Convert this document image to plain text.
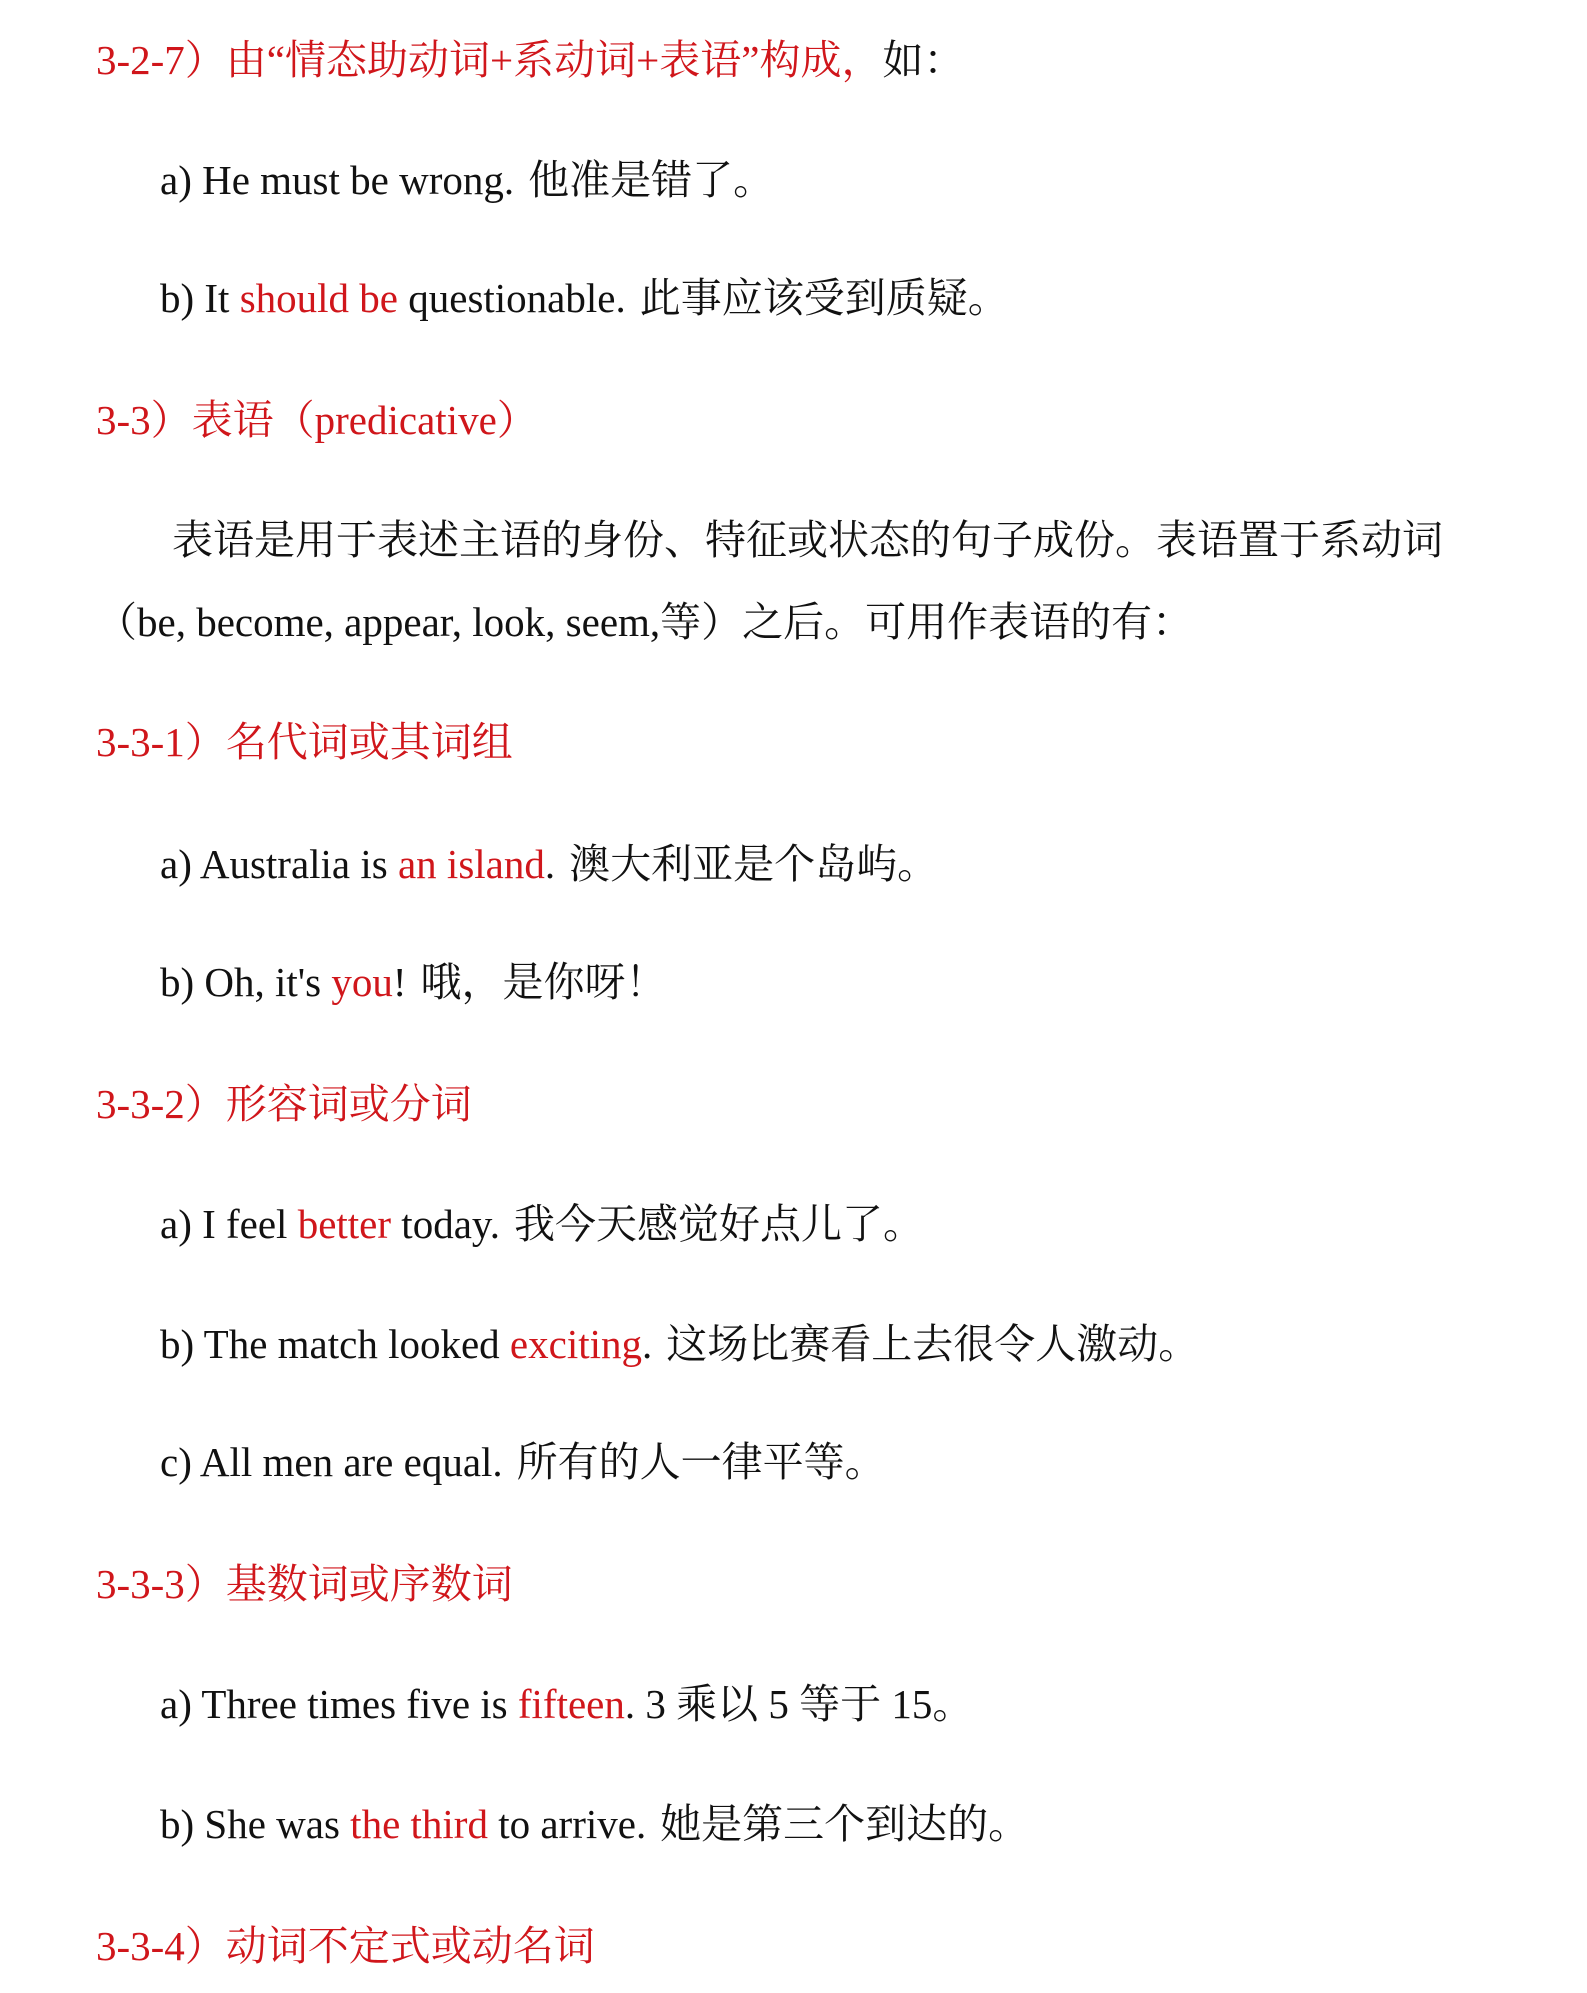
3-2-7）由“情态助动词+系动词+表语”构成，如：
a) He must be wrong. 他准是错了。
b) It should be questionable. 此事应该受到质疑。
3-3）表语（predicative）
表语是用于表述主语的身份、特征或状态的句子成份。表语置于系动词
（be, become, appear, look, seem,等）之后。可用作表语的有：
3-3-1）名代词或其词组
a) Australia is an island. 澳大利亚是个岛屿。
b) Oh, it's you! 哦，是你呀！
3-3-2）形容词或分词
a) I feel better today. 我今天感觉好点儿了。
b) The match looked exciting. 这场比赛看上去很令人激动。
c) All men are equal. 所有的人一律平等。
3-3-3）基数词或序数词
a) Three times five is fifteen. 3 乘以 5 等于 15。
b) She was the third to arrive. 她是第三个到达的。
3-3-4）动词不定式或动名词
